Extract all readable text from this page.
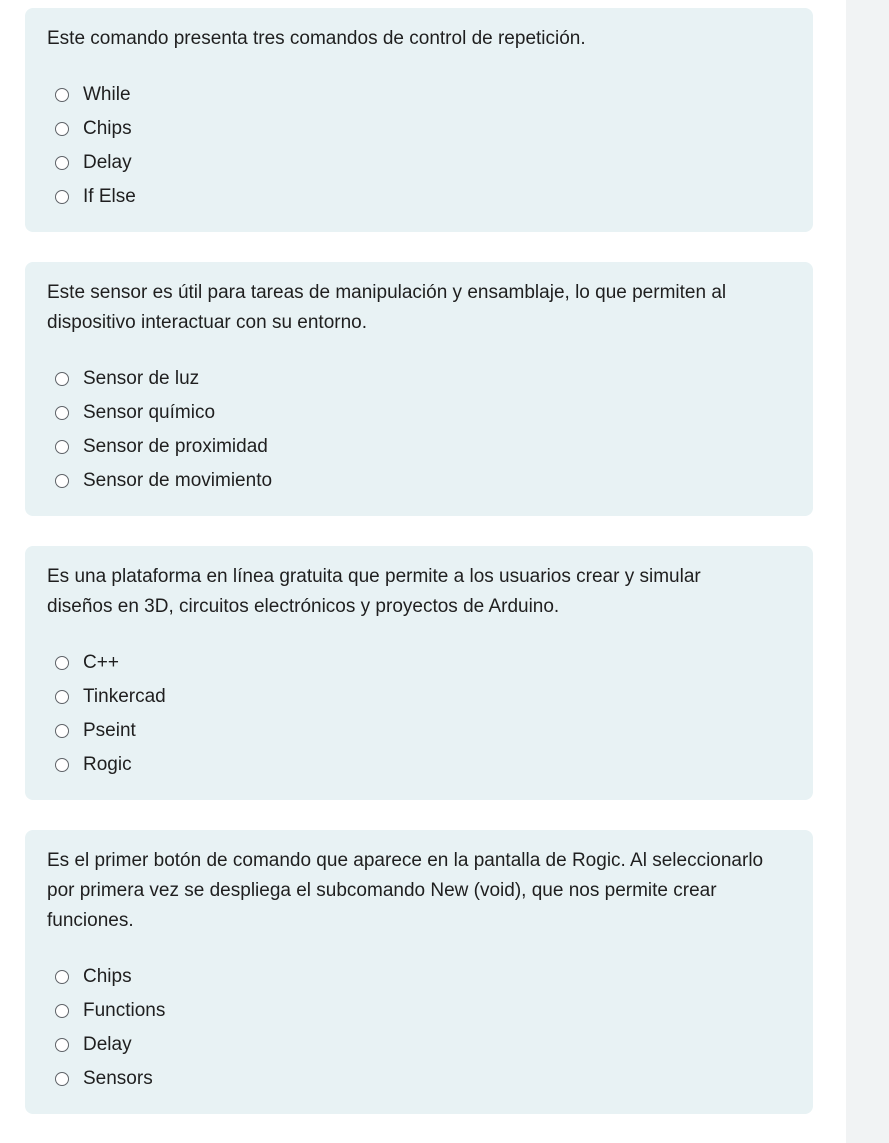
Este comando presenta tres comandos de control de repetición.

While
Chips
Delay
If Else

Este sensor es útil para tareas de manipulación y ensamblaje, lo que permiten al dispositivo interactuar con su entorno.

Sensor de luz
Sensor químico
Sensor de proximidad
Sensor de movimiento

Es una plataforma en línea gratuita que permite a los usuarios crear y simular diseños en 3D, circuitos electrónicos y proyectos de Arduino.

C++
Tinkercad
Pseint
Rogic

Es el primer botón de comando que aparece en la pantalla de Rogic. Al seleccionarlo por primera vez se despliega el subcomando New (void), que nos permite crear funciones.

Chips
Functions
Delay
Sensors
